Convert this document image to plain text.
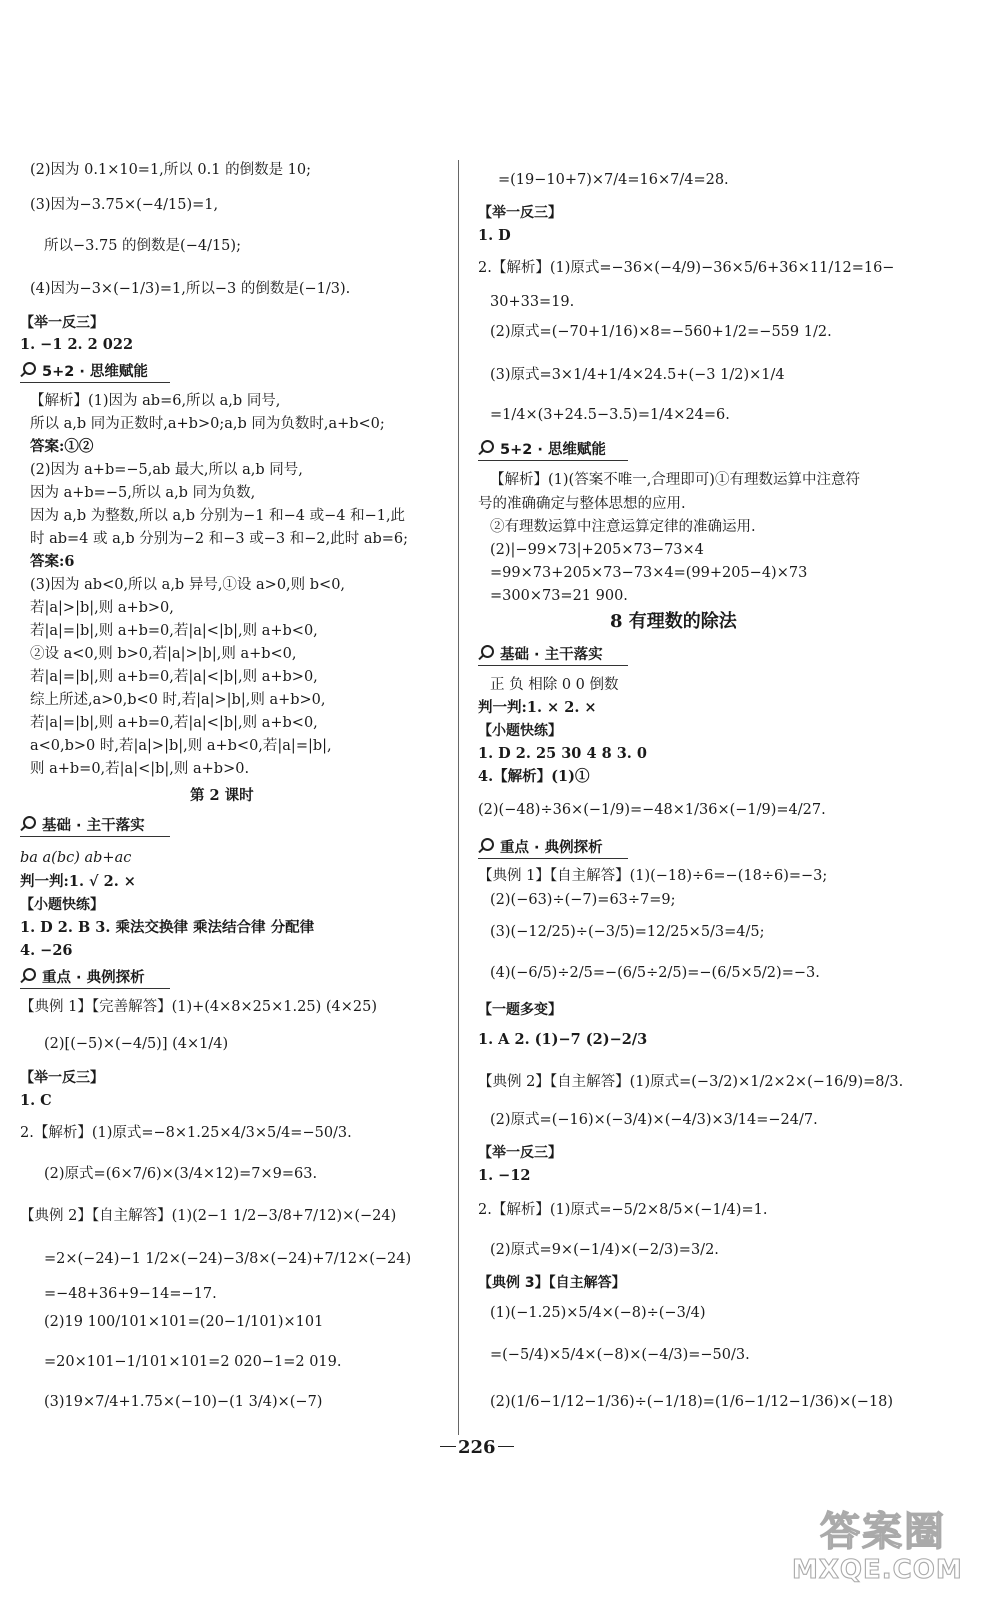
(2)因为 0.1×10=1,所以 0.1 的倒数是 10;
(3)因为−3.75×(−4/15)=1,
所以−3.75 的倒数是(−4/15);
(4)因为−3×(−1/3)=1,所以−3 的倒数是(−1/3).
【举一反三】
1. −1 2. 2 022
5+2 · 思维赋能
【解析】(1)因为 ab=6,所以 a,b 同号,
所以 a,b 同为正数时,a+b>0;a,b 同为负数时,a+b<0;
答案:①②
(2)因为 a+b=−5,ab 最大,所以 a,b 同号,
因为 a+b=−5,所以 a,b 同为负数,
因为 a,b 为整数,所以 a,b 分别为−1 和−4 或−4 和−1,此
时 ab=4 或 a,b 分别为−2 和−3 或−3 和−2,此时 ab=6;
答案:6
(3)因为 ab<0,所以 a,b 异号,①设 a>0,则 b<0,
若|a|>|b|,则 a+b>0,
若|a|=|b|,则 a+b=0,若|a|<|b|,则 a+b<0,
②设 a<0,则 b>0,若|a|>|b|,则 a+b<0,
若|a|=|b|,则 a+b=0,若|a|<|b|,则 a+b>0,
综上所述,a>0,b<0 时,若|a|>|b|,则 a+b>0,
若|a|=|b|,则 a+b=0,若|a|<|b|,则 a+b<0,
a<0,b>0 时,若|a|>|b|,则 a+b<0,若|a|=|b|,
则 a+b=0,若|a|<|b|,则 a+b>0.
第 2 课时
基础 · 主干落实
ba a(bc) ab+ac
判一判:1. √ 2. ×
【小题快练】
1. D 2. B 3. 乘法交换律 乘法结合律 分配律
4. −26
重点 · 典例探析
【典例 1】【完善解答】(1)+(4×8×25×1.25) (4×25)
(2)[(−5)×(−4/5)] (4×1/4)
【举一反三】
1. C
2.【解析】(1)原式=−8×1.25×4/3×5/4=−50/3.
(2)原式=(6×7/6)×(3/4×12)=7×9=63.
【典例 2】【自主解答】(1)(2−1 1/2−3/8+7/12)×(−24)
=2×(−24)−1 1/2×(−24)−3/8×(−24)+7/12×(−24)
=−48+36+9−14=−17.
(2)19 100/101×101=(20−1/101)×101
=20×101−1/101×101=2 020−1=2 019.
(3)19×7/4+1.75×(−10)−(1 3/4)×(−7)
=(19−10+7)×7/4=16×7/4=28.
【举一反三】
1. D
2.【解析】(1)原式=−36×(−4/9)−36×5/6+36×11/12=16−
30+33=19.
(2)原式=(−70+1/16)×8=−560+1/2=−559 1/2.
(3)原式=3×1/4+1/4×24.5+(−3 1/2)×1/4
=1/4×(3+24.5−3.5)=1/4×24=6.
5+2 · 思维赋能
【解析】(1)(答案不唯一,合理即可)①有理数运算中注意符
号的准确确定与整体思想的应用.
②有理数运算中注意运算定律的准确运用.
(2)|−99×73|+205×73−73×4
=99×73+205×73−73×4=(99+205−4)×73
=300×73=21 900.
8 有理数的除法
基础 · 主干落实
正 负 相除 0 0 倒数
判一判:1. × 2. ×
【小题快练】
1. D 2. 25 30 4 8 3. 0
4.【解析】(1)①
(2)(−48)÷36×(−1/9)=−48×1/36×(−1/9)=4/27.
重点 · 典例探析
【典例 1】【自主解答】(1)(−18)÷6=−(18÷6)=−3;
(2)(−63)÷(−7)=63÷7=9;
(3)(−12/25)÷(−3/5)=12/25×5/3=4/5;
(4)(−6/5)÷2/5=−(6/5÷2/5)=−(6/5×5/2)=−3.
【一题多变】
1. A 2. (1)−7 (2)−2/3
【典例 2】【自主解答】(1)原式=(−3/2)×1/2×2×(−16/9)=8/3.
(2)原式=(−16)×(−3/4)×(−4/3)×3/14=−24/7.
【举一反三】
1. −12
2.【解析】(1)原式=−5/2×8/5×(−1/4)=1.
(2)原式=9×(−1/4)×(−2/3)=3/2.
【典例 3】【自主解答】
(1)(−1.25)×5/4×(−8)÷(−3/4)
=(−5/4)×5/4×(−8)×(−4/3)=−50/3.
(2)(1/6−1/12−1/36)÷(−1/18)=(1/6−1/12−1/36)×(−18)
226
答案圈
MXQE.COM
